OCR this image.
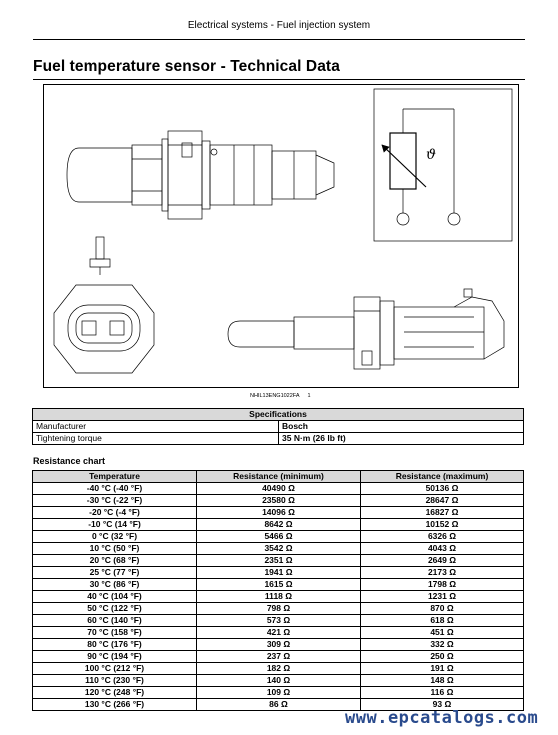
Electrical systems - Fuel injection system
Fuel temperature sensor - Technical Data
ϑ
NHIL13ENG1022FA 1
Specifications	
Manufacturer	Bosch
Tightening torque	35 N·m (26 lb ft)
Resistance chart
Temperature	Resistance (minimum)	Resistance (maximum)
-40 °C (-40 °F)	40490 Ω	50136 Ω
-30 °C (-22 °F)	23580 Ω	28647 Ω
-20 °C (-4 °F)	14096 Ω	16827 Ω
-10 °C (14 °F)	8642 Ω	10152 Ω
0 °C (32 °F)	5466 Ω	6326 Ω
10 °C (50 °F)	3542 Ω	4043 Ω
20 °C (68 °F)	2351 Ω	2649 Ω
25 °C (77 °F)	1941 Ω	2173 Ω
30 °C (86 °F)	1615 Ω	1798 Ω
40 °C (104 °F)	1118 Ω	1231 Ω
50 °C (122 °F)	798 Ω	870 Ω
60 °C (140 °F)	573 Ω	618 Ω
70 °C (158 °F)	421 Ω	451 Ω
80 °C (176 °F)	309 Ω	332 Ω
90 °C (194 °F)	237 Ω	250 Ω
100 °C (212 °F)	182 Ω	191 Ω
110 °C (230 °F)	140 Ω	148 Ω
120 °C (248 °F)	109 Ω	116 Ω
130 °C (266 °F)	86 Ω	93 Ω
www.epcatalogs.com
